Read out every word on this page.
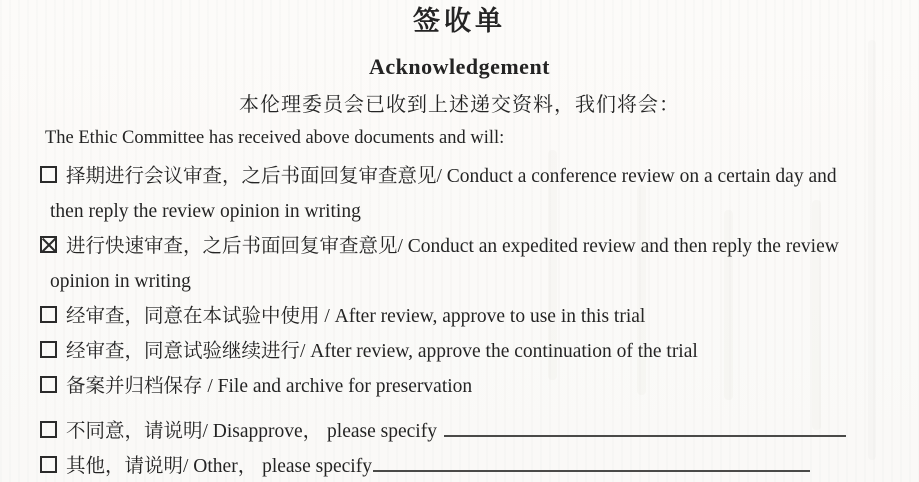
签收单
Acknowledgement
本伦理委员会已收到上述递交资料，我们将会：
The Ethic Committee has received above documents and will:
择期进行会议审查，之后书面回复审查意见/ Conduct a conference review on a certain day and
then reply the review opinion in writing
进行快速审查，之后书面回复审查意见/ Conduct an expedited review and then reply the review
opinion in writing
经审查，同意在本试验中使用 / After review, approve to use in this trial
经审查，同意试验继续进行/ After review, approve the continuation of the trial
备案并归档保存 / File and archive for preservation
不同意，请说明/ Disapprove， please specify
其他，请说明/ Other， please specify
